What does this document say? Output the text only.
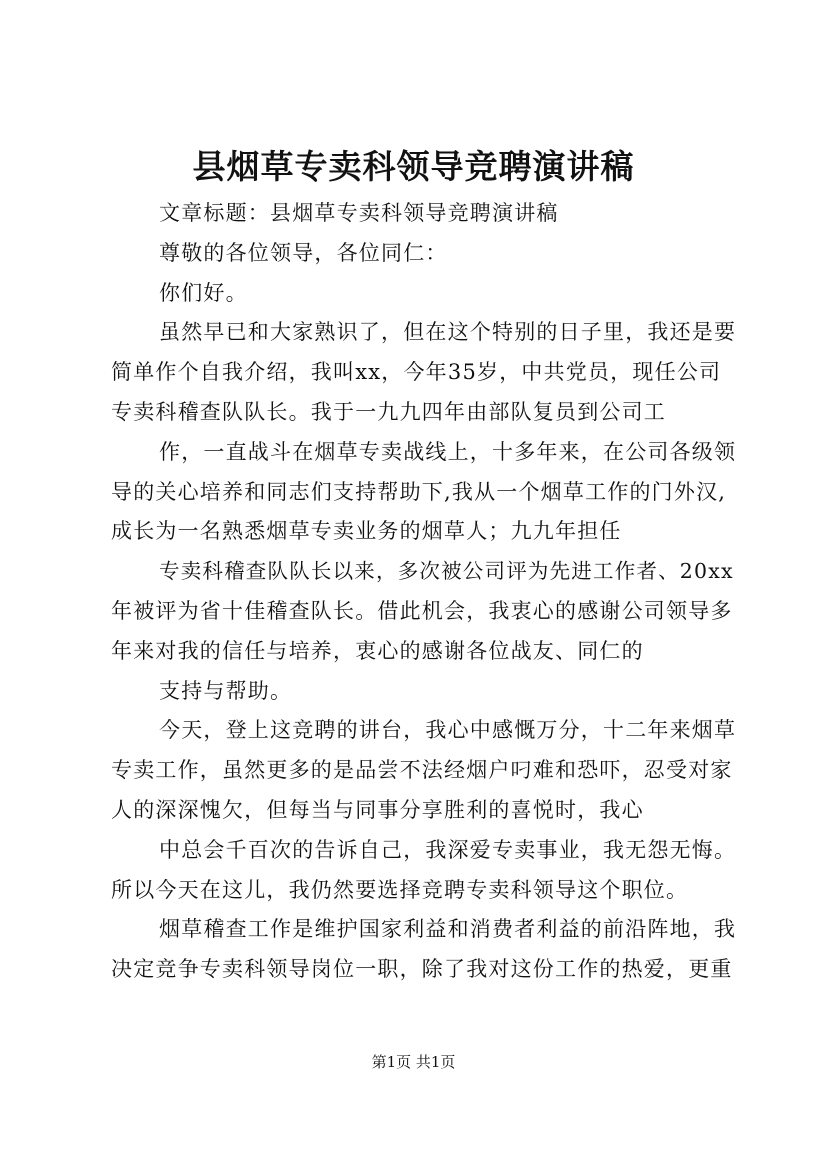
县烟草专卖科领导竞聘演讲稿

文章标题：县烟草专卖科领导竞聘演讲稿

尊敬的各位领导，各位同仁：

你们好。

虽然早已和大家熟识了，但在这个特别的日子里，我还是要

简单作个自我介绍，我叫xx，今年35岁，中共党员，现任公司

专卖科稽查队队长。我于一九九四年由部队复员到公司工

作，一直战斗在烟草专卖战线上，十多年来，在公司各级领

导的关心培养和同志们支持帮助下,我从一个烟草工作的门外汉,

成长为一名熟悉烟草专卖业务的烟草人；九九年担任

专卖科稽查队队长以来，多次被公司评为先进工作者、20xx

年被评为省十佳稽查队长。借此机会，我衷心的感谢公司领导多

年来对我的信任与培养，衷心的感谢各位战友、同仁的

支持与帮助。

今天，登上这竞聘的讲台，我心中感慨万分，十二年来烟草

专卖工作，虽然更多的是品尝不法经烟户叼难和恐吓，忍受对家

人的深深愧欠，但每当与同事分享胜利的喜悦时，我心

中总会千百次的告诉自己，我深爱专卖事业，我无怨无悔。

所以今天在这儿，我仍然要选择竞聘专卖科领导这个职位。

烟草稽查工作是维护国家利益和消费者利益的前沿阵地，我

决定竞争专卖科领导岗位一职，除了我对这份工作的热爱，更重

第1页 共1页
